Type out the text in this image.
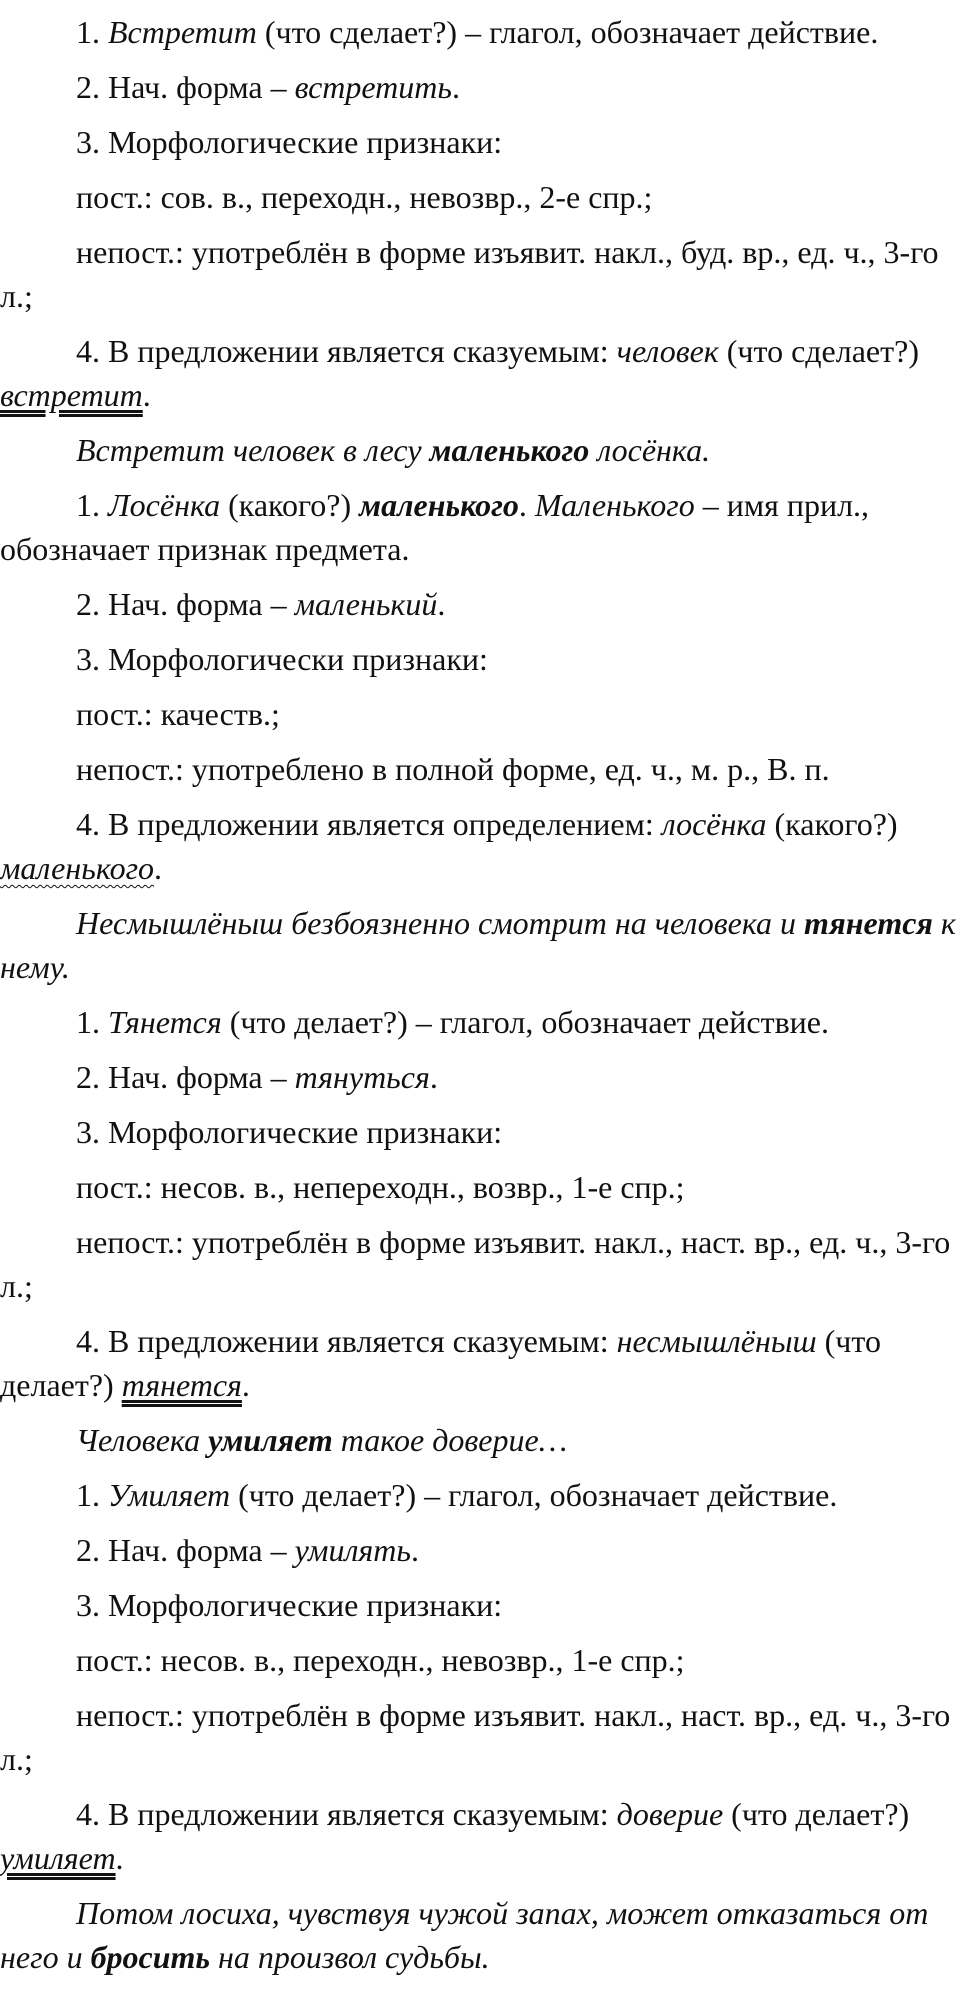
1. Встретит (что сделает?) – глагол, обозначает действие.
2. Нач. форма – встретить.
3. Морфологические признаки:
пост.: сов. в., переходн., невозвр., 2-е спр.;
непост.: употреблён в форме изъявит. накл., буд. вр., ед. ч., 3-го л.;
4. В предложении является сказуемым: человек (что сделает?) встретит.
Встретит человек в лесу маленького лосёнка.
1. Лосёнка (какого?) маленького. Маленького – имя прил., обозначает признак предмета.
2. Нач. форма – маленький.
3. Морфологически признаки:
пост.: качеств.;
непост.: употреблено в полной форме, ед. ч., м. р., В. п.
4. В предложении является определением: лосёнка (какого?) маленького.
Несмышлёныш безбоязненно смотрит на человека и тянется к нему.
1. Тянется (что делает?) – глагол, обозначает действие.
2. Нач. форма – тянуться.
3. Морфологические признаки:
пост.: несов. в., непереходн., возвр., 1-е спр.;
непост.: употреблён в форме изъявит. накл., наст. вр., ед. ч., 3-го л.;
4. В предложении является сказуемым: несмышлёныш (что делает?) тянется.
Человека умиляет такое доверие…
1. Умиляет (что делает?) – глагол, обозначает действие.
2. Нач. форма – умилять.
3. Морфологические признаки:
пост.: несов. в., переходн., невозвр., 1-е спр.;
непост.: употреблён в форме изъявит. накл., наст. вр., ед. ч., 3-го л.;
4. В предложении является сказуемым: доверие (что делает?) умиляет.
Потом лосиха, чувствуя чужой запах, может отказаться от него и бросить на произвол судьбы.
